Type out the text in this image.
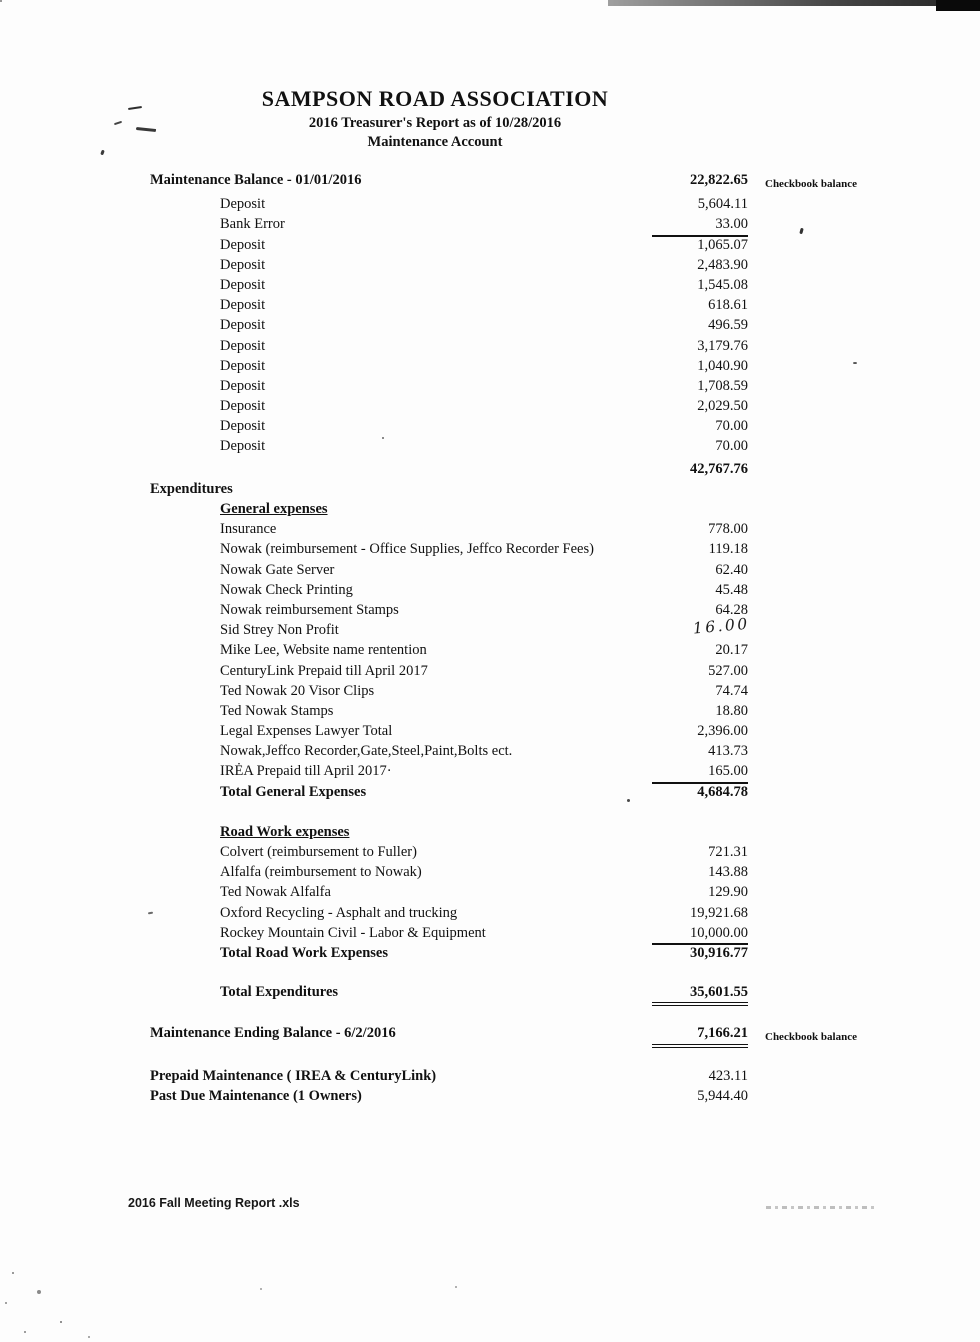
SAMPSON ROAD ASSOCIATION
2016 Treasurer's Report as of 10/28/2016
Maintenance Account
Maintenance Balance - 01/01/2016	22,822.65 Checkbook balance
Deposit	5,604.11
Bank Error	33.00
Deposit	1,065.07
Deposit	2,483.90
Deposit	1,545.08
Deposit	618.61
Deposit	496.59
Deposit	3,179.76
Deposit	1,040.90
Deposit	1,708.59
Deposit	2,029.50
Deposit	70.00
Deposit	70.00
42,767.76
Expenditures
General expenses
Insurance	778.00
Nowak (reimbursement - Office Supplies, Jeffco Recorder Fees)	119.18
Nowak Gate Server	62.40
Nowak Check Printing	45.48
Nowak reimbursement Stamps	64.28
Sid Strey Non Profit	16.00
Mike Lee, Website name rentention	20.17
CenturyLink Prepaid till April 2017	527.00
Ted Nowak 20 Visor Clips	74.74
Ted Nowak Stamps	18.80
Legal Expenses Lawyer Total	2,396.00
Nowak,Jeffco Recorder,Gate,Steel,Paint,Bolts ect.	413.73
IRĖA Prepaid till April 2017·	165.00
Total General Expenses	4,684.78
Road Work expenses
Colvert (reimbursement to Fuller)	721.31
Alfalfa (reimbursement to Nowak)	143.88
Ted Nowak Alfalfa	129.90
Oxford Recycling - Asphalt and trucking	19,921.68
Rockey Mountain Civil - Labor & Equipment	10,000.00
Total Road Work Expenses	30,916.77
Total Expenditures	35,601.55
Maintenance Ending Balance - 6/2/2016	7,166.21 Checkbook balance
Prepaid Maintenance ( IREA & CenturyLink)	423.11
Past Due Maintenance (1 Owners)	5,944.40
2016 Fall Meeting Report .xls
